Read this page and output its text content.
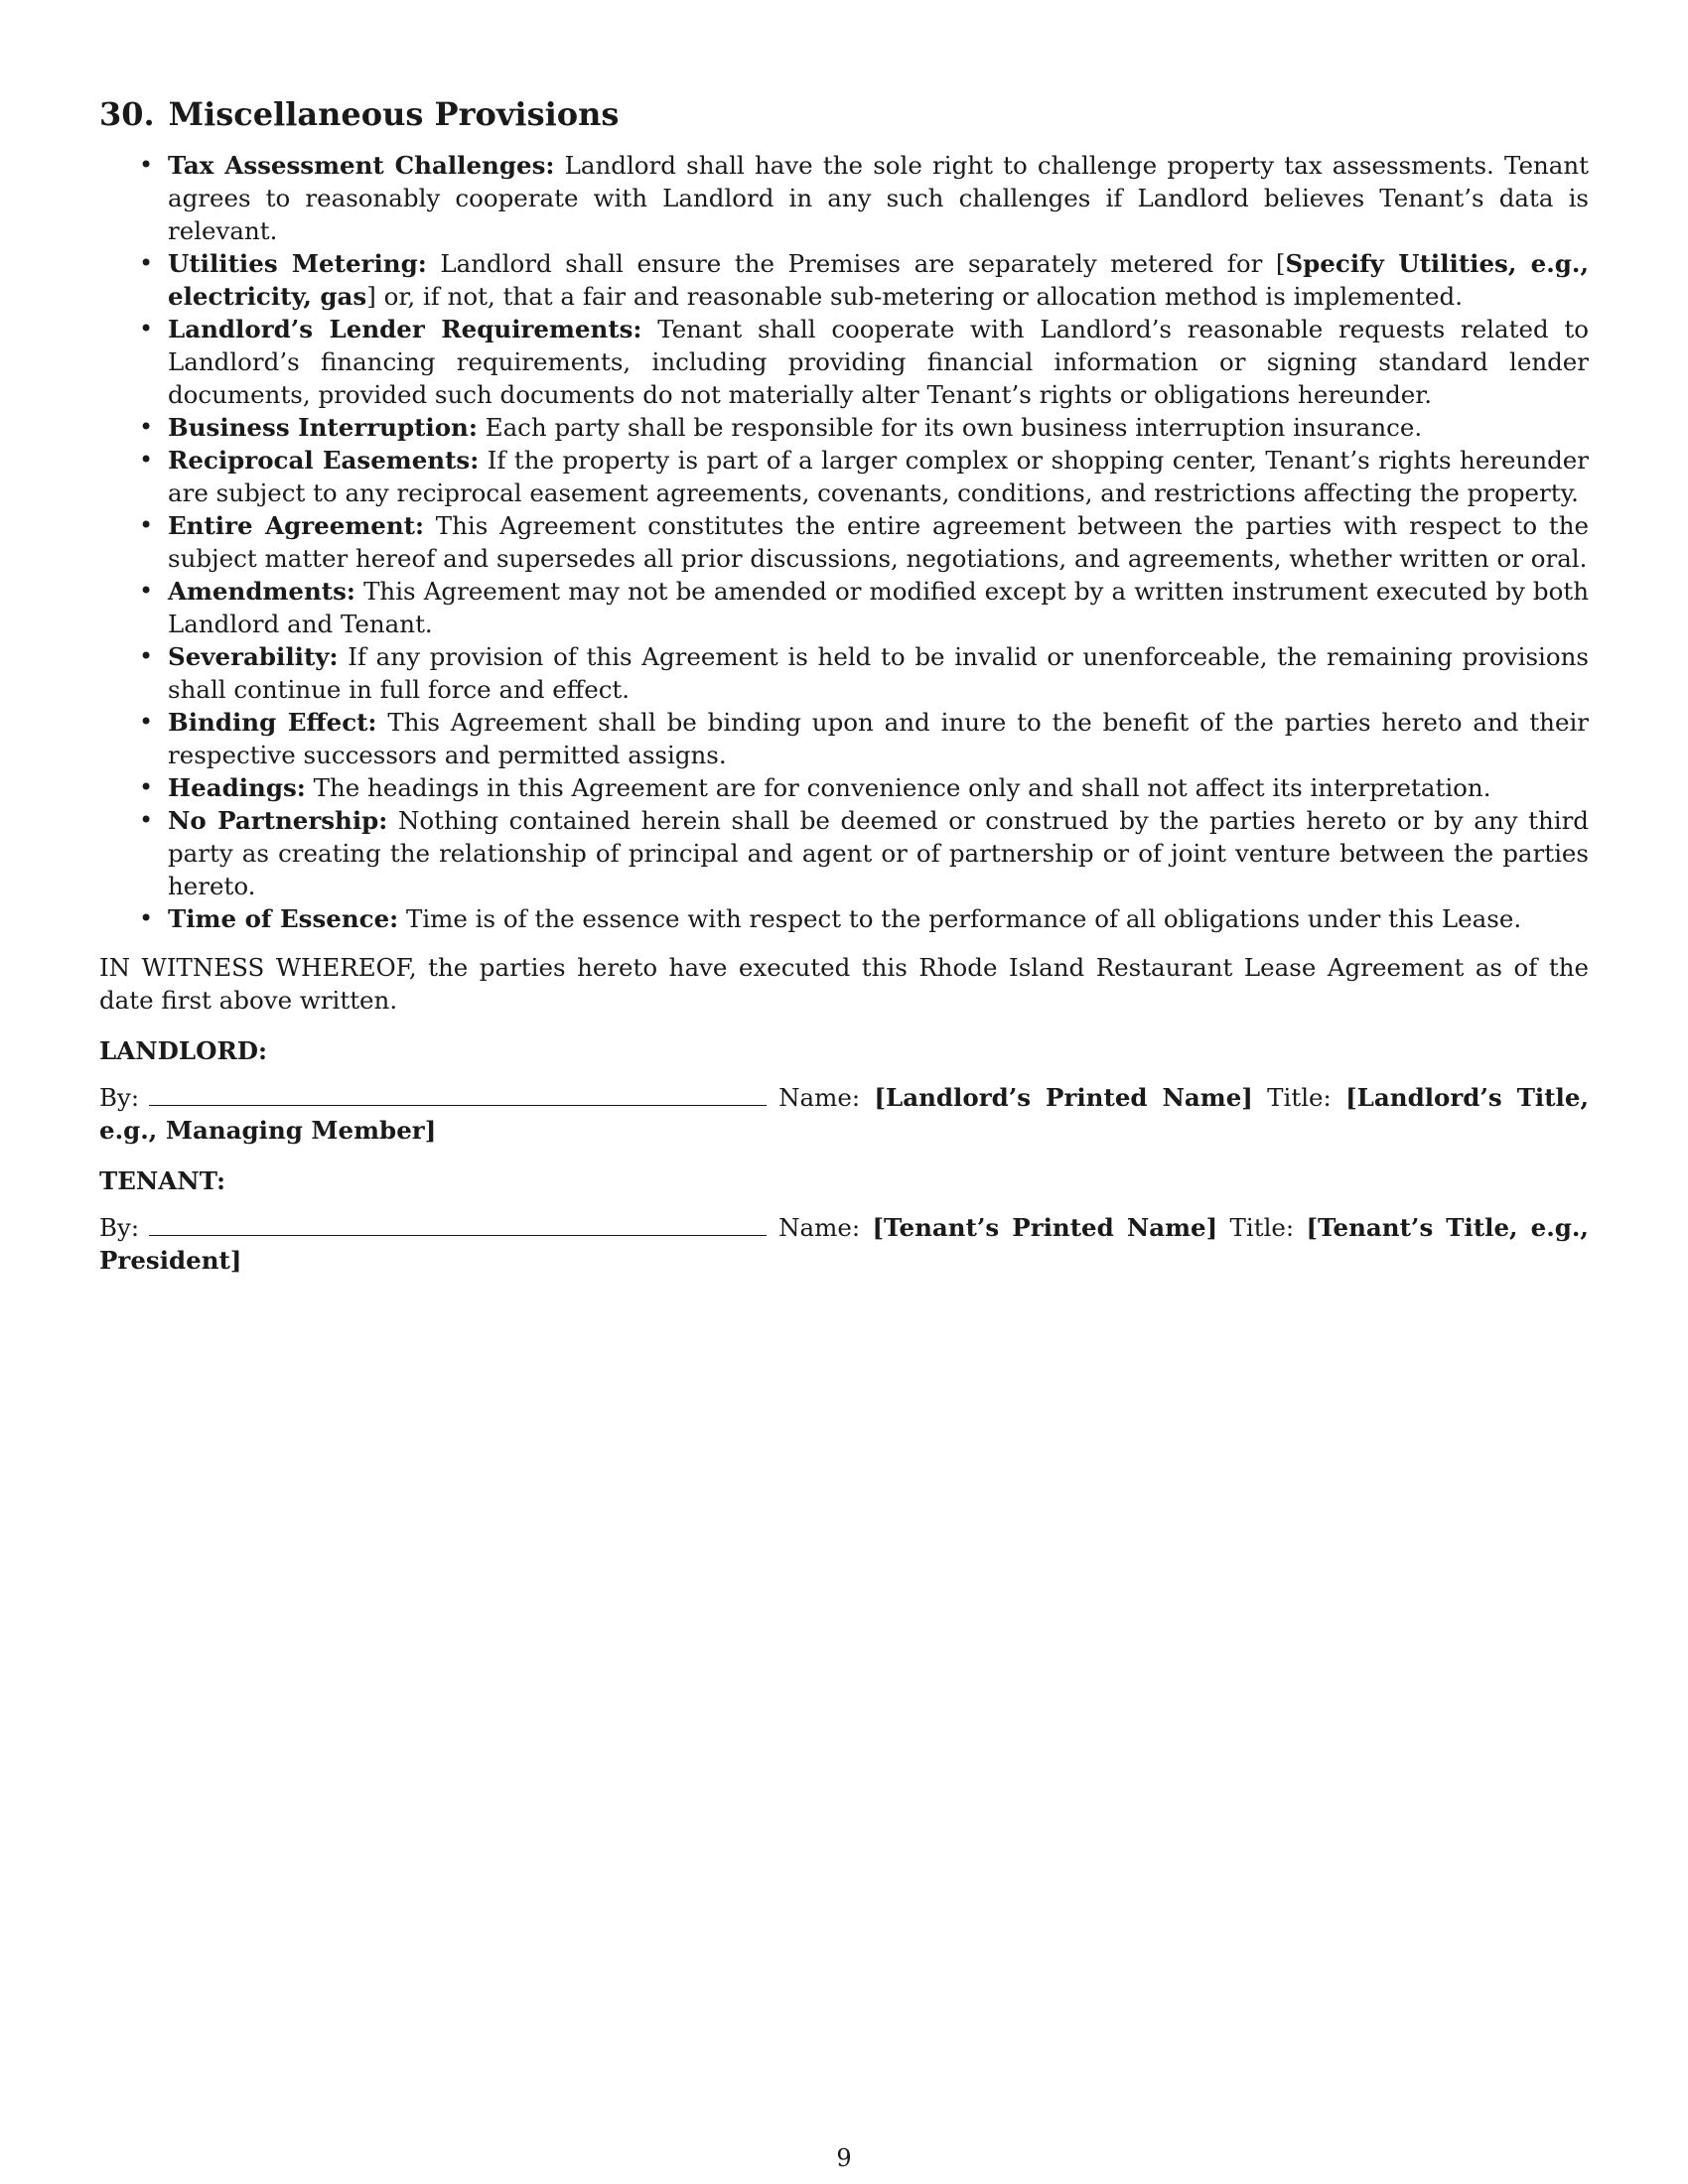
30. Miscellaneous Provisions
• Tax Assessment Challenges: Landlord shall have the sole right to challenge property tax assessments. Tenant agrees to reasonably cooperate with Landlord in any such challenges if Landlord believes Tenant’s data is relevant.
• Utilities Metering: Landlord shall ensure the Premises are separately metered for [Specify Utilities, e.g., electricity, gas] or, if not, that a fair and reasonable sub-metering or allocation method is implemented.
• Landlord’s Lender Requirements: Tenant shall cooperate with Landlord’s reasonable requests related to Landlord’s financing requirements, including providing financial information or signing standard lender documents, provided such documents do not materially alter Tenant’s rights or obligations hereunder.
• Business Interruption: Each party shall be responsible for its own business interruption insurance.
• Reciprocal Easements: If the property is part of a larger complex or shopping center, Tenant’s rights hereunder are subject to any reciprocal easement agreements, covenants, conditions, and restrictions affecting the property.
• Entire Agreement: This Agreement constitutes the entire agreement between the parties with respect to the subject matter hereof and supersedes all prior discussions, negotiations, and agreements, whether written or oral.
• Amendments: This Agreement may not be amended or modified except by a written instrument executed by both Landlord and Tenant.
• Severability: If any provision of this Agreement is held to be invalid or unenforceable, the remaining provisions shall continue in full force and effect.
• Binding Effect: This Agreement shall be binding upon and inure to the benefit of the parties hereto and their respective successors and permitted assigns.
• Headings: The headings in this Agreement are for convenience only and shall not affect its interpretation.
• No Partnership: Nothing contained herein shall be deemed or construed by the parties hereto or by any third party as creating the relationship of principal and agent or of partnership or of joint venture between the parties hereto.
• Time of Essence: Time is of the essence with respect to the performance of all obligations under this Lease.

IN WITNESS WHEREOF, the parties hereto have executed this Rhode Island Restaurant Lease Agreement as of the date first above written.

LANDLORD:
By:	Name: [Landlord’s Printed Name] Title: [Landlord’s Title, e.g., Managing Member]
TENANT:
By:	Name: [Tenant’s Printed Name] Title: [Tenant’s Title, e.g., President]
9
